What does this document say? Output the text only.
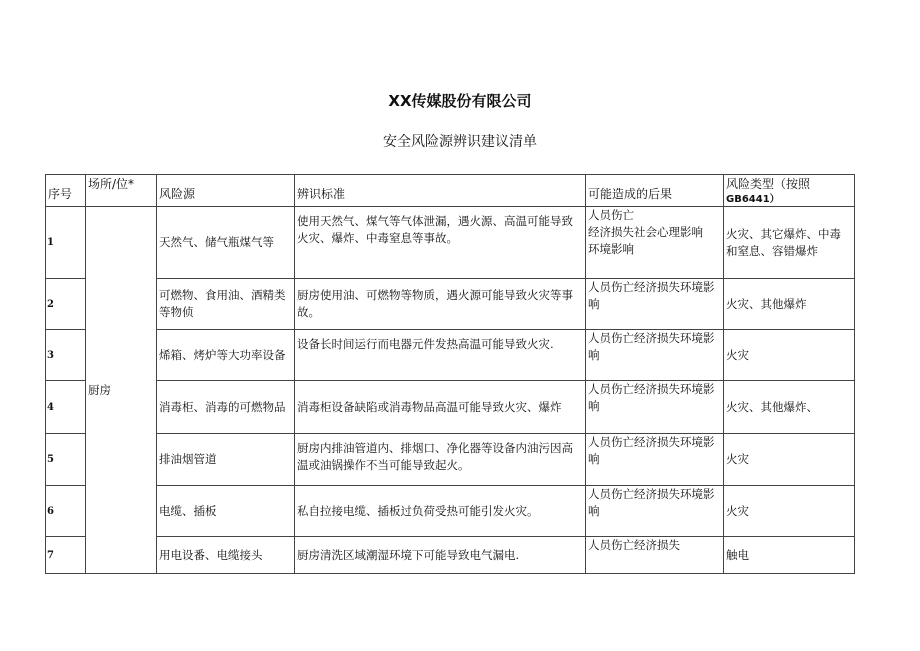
XX传媒股份有限公司
安全风险源辨识建议清单
序号	场所/位*	风险源	辨识标准	可能造成的后果	风险类型（按照
GB6441）

1	厨房	天然气、储气瓶煤气等	使用天然气、煤气等气体泄漏，遇火源、高温可能导致火灾、爆炸、中毒窒息等事故。	人员伤亡
经济损失社会心理影响
环境影响	火灾、其它爆炸、中毒和窒息、容错爆炸
2		可燃物、食用油、酒精类等物侦	厨房使用油、可燃物等物质，遇火源可能导致火灾等事故。	人员伤亡经济损失环境影响	火灾、其他爆炸
3		烯箱、烤炉等大功率设备	设备长时间运行而电器元件发热高温可能导致火灾.	人员伤亡经济损失环境影响	火灾
4		消毒柜、消毒的可燃物品	消毒柜设备缺陷或消毒物品高温可能导致火灾、爆炸	人员伤亡经济损失环境影响	火灾、其他爆炸、
5		排油烟管道	厨房内排油管道内、排烟口、净化器等设备内油污因高温或油锅操作不当可能导致起火。	人员伤亡经济损失环境影响	火灾
6		电缆、插板	私自拉接电缆、插板过负荷受热可能引发火灾。	人员伤亡经济损失环境影响	火灾
7		用电设番、电缆接头	厨房清洗区域潮湿环境下可能导致电气漏电.	人员伤亡经济损失	触电
